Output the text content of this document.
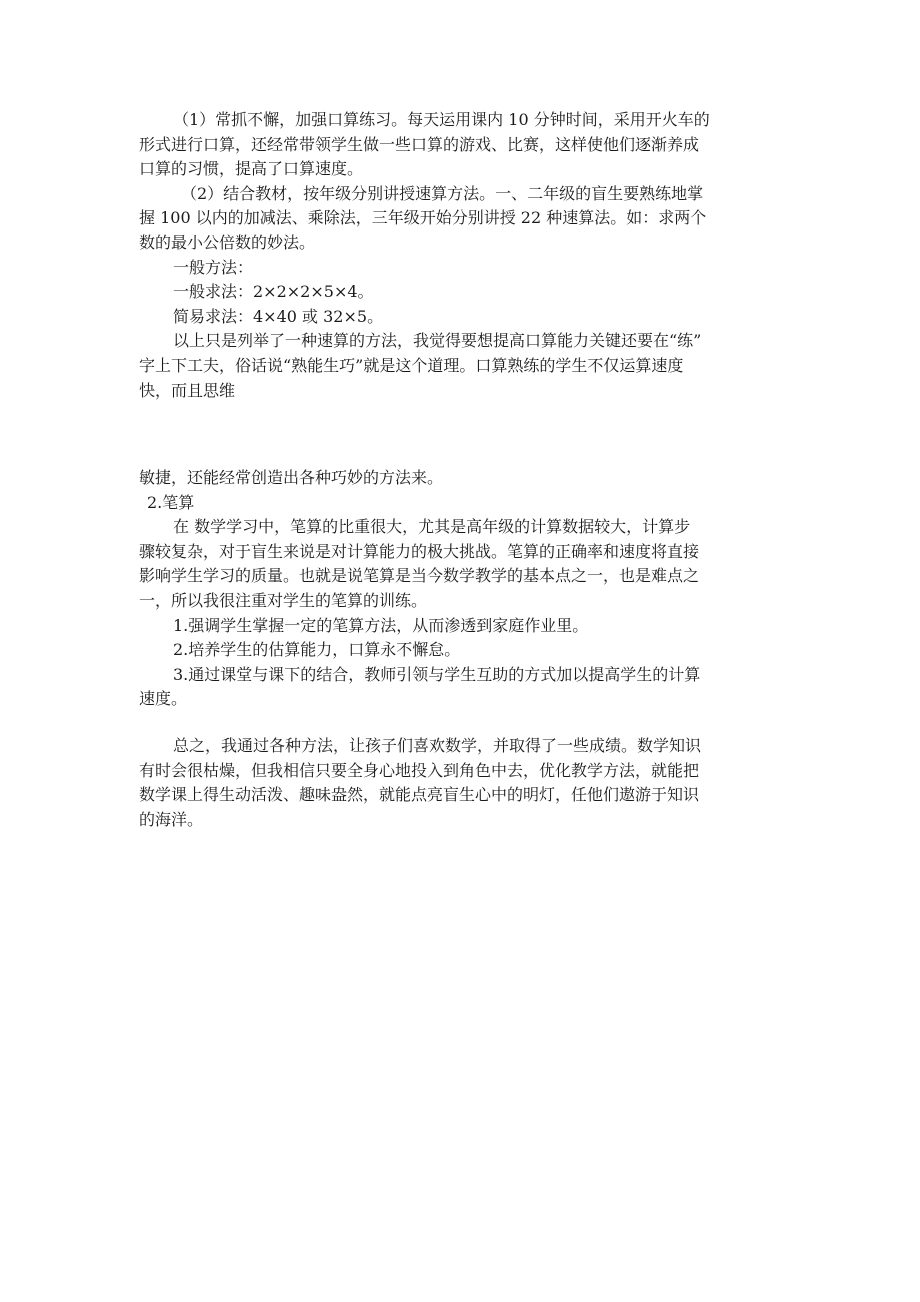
（1）常抓不懈，加强口算练习。每天运用课内 10 分钟时间，采用开火车的
形式进行口算，还经常带领学生做一些口算的游戏、比赛，这样使他们逐渐养成
口算的习惯，提高了口算速度。
（2）结合教材，按年级分别讲授速算方法。一、二年级的盲生要熟练地掌
握 100 以内的加减法、乘除法，三年级开始分别讲授 22 种速算法。如：求两个
数的最小公倍数的妙法。
一般方法：
一般求法：2×2×2×5×4。
简易求法：4×40 或 32×5。
以上只是列举了一种速算的方法，我觉得要想提高口算能力关键还要在“练”
字上下工夫，俗话说“熟能生巧”就是这个道理。口算熟练的学生不仅运算速度
快，而且思维
敏捷，还能经常创造出各种巧妙的方法来。
2.笔算
在 数学学习中，笔算的比重很大，尤其是高年级的计算数据较大，计算步
骤较复杂，对于盲生来说是对计算能力的极大挑战。笔算的正确率和速度将直接
影响学生学习的质量。也就是说笔算是当今数学教学的基本点之一，也是难点之
一，所以我很注重对学生的笔算的训练。
1.强调学生掌握一定的笔算方法，从而渗透到家庭作业里。
2.培养学生的估算能力，口算永不懈怠。
3.通过课堂与课下的结合，教师引领与学生互助的方式加以提高学生的计算
速度。
总之，我通过各种方法，让孩子们喜欢数学，并取得了一些成绩。数学知识
有时会很枯燥，但我相信只要全身心地投入到角色中去，优化教学方法，就能把
数学课上得生动活泼、趣味盎然，就能点亮盲生心中的明灯，任他们遨游于知识
的海洋。
